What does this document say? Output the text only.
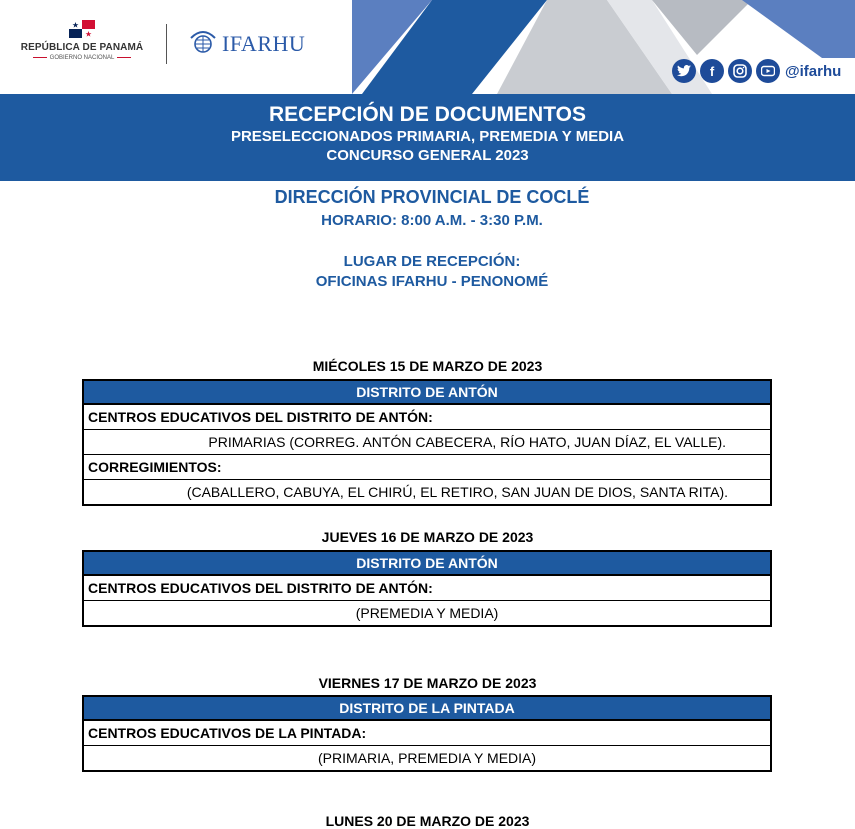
REPÚBLICA DE PANAMÁ
GOBIERNO NACIONAL
IFARHU
f	@ifarhu
RECEPCIÓN DE DOCUMENTOS
PRESELECCIONADOS PRIMARIA, PREMEDIA Y MEDIA
CONCURSO GENERAL 2023
DIRECCIÓN PROVINCIAL DE COCLÉ
HORARIO: 8:00 A.M. - 3:30 P.M.
LUGAR DE RECEPCIÓN:
OFICINAS IFARHU - PENONOMÉ
MIÉCOLES 15 DE MARZO DE 2023
DISTRITO DE ANTÓN
CENTROS EDUCATIVOS DEL DISTRITO DE ANTÓN:
PRIMARIAS (CORREG. ANTÓN CABECERA, RÍO HATO, JUAN DÍAZ, EL VALLE).
CORREGIMIENTOS:
(CABALLERO, CABUYA, EL CHIRÚ, EL RETIRO, SAN JUAN DE DIOS, SANTA RITA).
JUEVES 16 DE MARZO DE 2023
DISTRITO DE ANTÓN
CENTROS EDUCATIVOS DEL DISTRITO DE ANTÓN:
(PREMEDIA Y MEDIA)
VIERNES 17 DE MARZO DE 2023
DISTRITO DE LA PINTADA
CENTROS EDUCATIVOS DE LA PINTADA:
(PRIMARIA, PREMEDIA Y MEDIA)
LUNES 20 DE MARZO DE 2023
